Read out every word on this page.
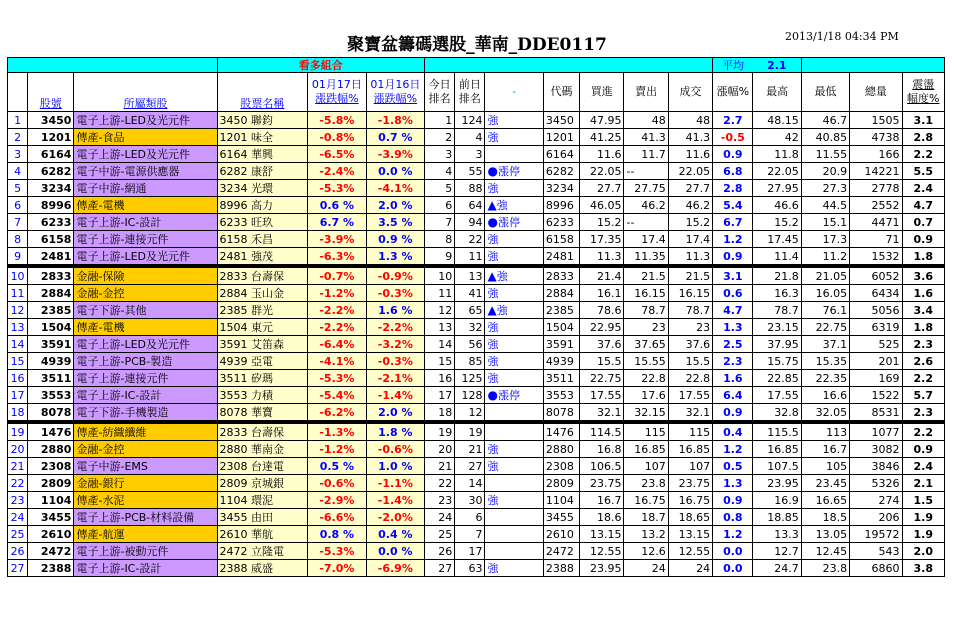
聚寶盆籌碼選股_華南_DDE0117	2013/1/18 04:34 PM
			看多組合										平均	2.1			
	股號	所屬類股	股票名稱	01月17日
漲跌幅%	01月16日
漲跌幅%	今日
排名	前日
排名	-	代碼	買進	賣出	成交	漲幅%	最高	最低	總量	震盪
幅度%
1	3450	電子上游-LED及光元件	3450 聯鈞	-5.8%	-1.8%	1	124	強	3450	47.95	48	48	2.7	48.15	46.7	1505	3.1
2	1201	傳產-食品	1201 味全	-0.8%	0.7 %	2	4	強	1201	41.25	41.3	41.3	-0.5	42	40.85	4738	2.8
3	6164	電子上游-LED及光元件	6164 華興	-6.5%	-3.9%	3	3		6164	11.6	11.7	11.6	0.9	11.8	11.55	166	2.2
4	6282	電子中游-電源供應器	6282 康舒	-2.4%	0.0 %	4	55	●漲停	6282	22.05	--	22.05	6.8	22.05	20.9	14221	5.5
5	3234	電子中游-網通	3234 光環	-5.3%	-4.1%	5	88	強	3234	27.7	27.75	27.7	2.8	27.95	27.3	2778	2.4
6	8996	傳產-電機	8996 高力	0.6 %	2.0 %	6	64	▲強	8996	46.05	46.2	46.2	5.4	46.6	44.5	2552	4.7
7	6233	電子上游-IC-設計	6233 旺玖	6.7 %	3.5 %	7	94	●漲停	6233	15.2	--	15.2	6.7	15.2	15.1	4471	0.7
8	6158	電子上游-連接元件	6158 禾昌	-3.9%	0.9 %	8	22	強	6158	17.35	17.4	17.4	1.2	17.45	17.3	71	0.9
9	2481	電子上游-LED及光元件	2481 強茂	-6.3%	1.3 %	9	11	強	2481	11.3	11.35	11.3	0.9	11.4	11.2	1532	1.8

10	2833	金融-保險	2833 台壽保	-0.7%	-0.9%	10	13	▲強	2833	21.4	21.5	21.5	3.1	21.8	21.05	6052	3.6
11	2884	金融-金控	2884 玉山金	-1.2%	-0.3%	11	41	強	2884	16.1	16.15	16.15	0.6	16.3	16.05	6434	1.6
12	2385	電子下游-其他	2385 群光	-2.2%	1.6 %	12	65	▲強	2385	78.6	78.7	78.7	4.7	78.7	76.1	5056	3.4
13	1504	傳產-電機	1504 東元	-2.2%	-2.2%	13	32	強	1504	22.95	23	23	1.3	23.15	22.75	6319	1.8
14	3591	電子上游-LED及光元件	3591 艾笛森	-6.4%	-3.2%	14	56	強	3591	37.6	37.65	37.6	2.5	37.95	37.1	525	2.3
15	4939	電子上游-PCB-製造	4939 亞電	-4.1%	-0.3%	15	85	強	4939	15.5	15.55	15.5	2.3	15.75	15.35	201	2.6
16	3511	電子上游-連接元件	3511 矽瑪	-5.3%	-2.1%	16	125	強	3511	22.75	22.8	22.8	1.6	22.85	22.35	169	2.2
17	3553	電子上游-IC-設計	3553 力積	-5.4%	-1.4%	17	128	●漲停	3553	17.55	17.6	17.55	6.4	17.55	16.6	1522	5.7
18	8078	電子下游-手機製造	8078 華寶	-6.2%	2.0 %	18	12		8078	32.1	32.15	32.1	0.9	32.8	32.05	8531	2.3

19	1476	傳產-紡織纖維	2833 台壽保	-1.3%	1.8 %	19	19		1476	114.5	115	115	0.4	115.5	113	1077	2.2
20	2880	金融-金控	2880 華南金	-1.2%	-0.6%	20	21	強	2880	16.8	16.85	16.85	1.2	16.85	16.7	3082	0.9
21	2308	電子中游-EMS	2308 台達電	0.5 %	1.0 %	21	27	強	2308	106.5	107	107	0.5	107.5	105	3846	2.4
22	2809	金融-銀行	2809 京城銀	-0.6%	-1.1%	22	14		2809	23.75	23.8	23.75	1.3	23.95	23.45	5326	2.1
23	1104	傳產-水泥	1104 環泥	-2.9%	-1.4%	23	30	強	1104	16.7	16.75	16.75	0.9	16.9	16.65	274	1.5
24	3455	電子上游-PCB-材料設備	3455 由田	-6.6%	-2.0%	24	6		3455	18.6	18.7	18.65	0.8	18.85	18.5	206	1.9
25	2610	傳產-航運	2610 華航	0.8 %	0.4 %	25	7		2610	13.15	13.2	13.15	1.2	13.3	13.05	19572	1.9
26	2472	電子上游-被動元件	2472 立隆電	-5.3%	0.0 %	26	17		2472	12.55	12.6	12.55	0.0	12.7	12.45	543	2.0
27	2388	電子上游-IC-設計	2388 威盛	-7.0%	-6.9%	27	63	強	2388	23.95	24	24	0.0	24.7	23.8	6860	3.8
